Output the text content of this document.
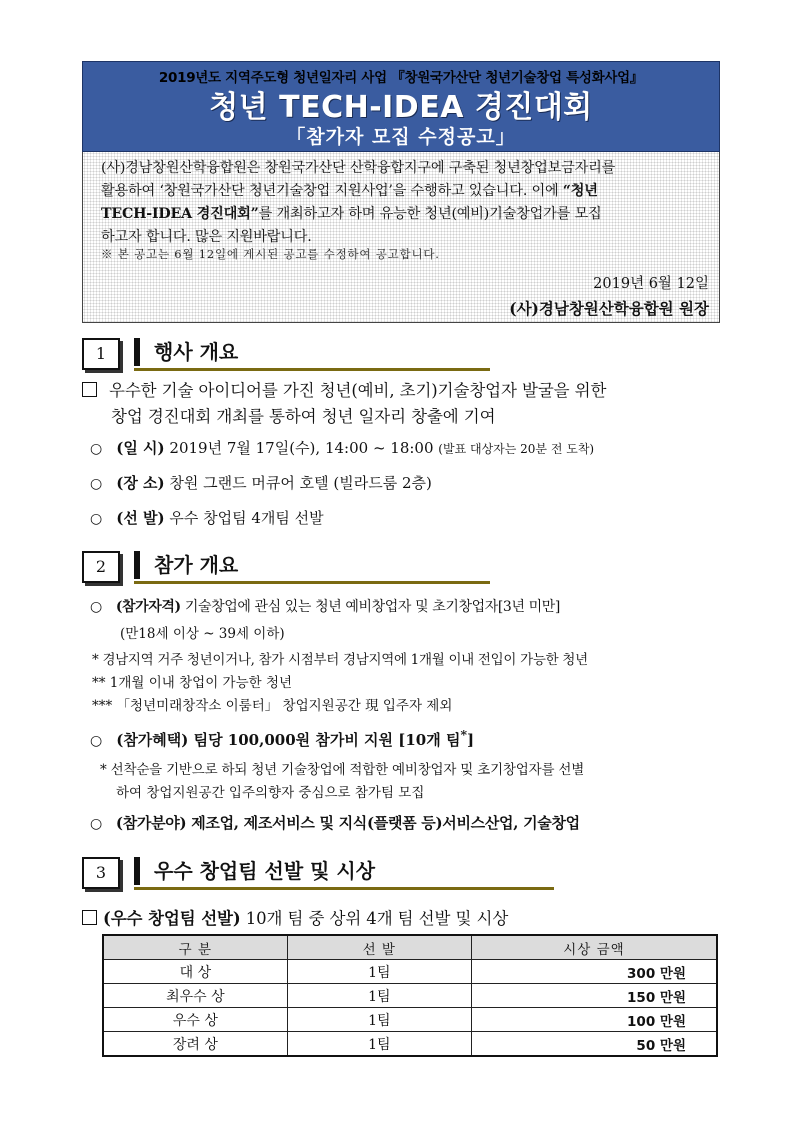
2019년도 지역주도형 청년일자리 사업 『창원국가산단 청년기술창업 특성화사업』
청년 TECH-IDEA 경진대회
「참가자 모집 수정공고」
(사)경남창원산학융합원은 창원국가산단 산학융합지구에 구축된 청년창업보금자리를
활용하여 ‘창원국가산단 청년기술창업 지원사업’을 수행하고 있습니다. 이에 “청년
TECH-IDEA 경진대회”를 개최하고자 하며 유능한 청년(예비)기술창업가를 모집
하고자 합니다. 많은 지원바랍니다.
※ 본 공고는 6월 12일에 게시된 공고를 수정하여 공고합니다.
2019년 6월 12일
(사)경남창원산학융합원 원장
1	행사 개요
우수한 기술 아이디어를 가진 청년(예비, 초기)기술창업자 발굴을 위한
창업 경진대회 개최를 통하여 청년 일자리 창출에 기여
○ (일 시) 2019년 7월 17일(수), 14:00 ~ 18:00 (발표 대상자는 20분 전 도착)
○ (장 소) 창원 그랜드 머큐어 호텔 (빌라드룸 2층)
○ (선 발) 우수 창업팀 4개팀 선발
2	참가 개요
○ (참가자격) 기술창업에 관심 있는 청년 예비창업자 및 초기창업자[3년 미만]
(만18세 이상 ~ 39세 이하)
* 경남지역 거주 청년이거나, 참가 시점부터 경남지역에 1개월 이내 전입이 가능한 청년
** 1개월 이내 창업이 가능한 청년
*** 「청년미래창작소 이룸터」 창업지원공간 現 입주자 제외
○ (참가혜택) 팀당 100,000원 참가비 지원 [10개 팀*]
* 선착순을 기반으로 하되 청년 기술창업에 적합한 예비창업자 및 초기창업자를 선별
하여 창업지원공간 입주의향자 중심으로 참가팀 모집
○ (참가분야) 제조업, 제조서비스 및 지식(플랫폼 등)서비스산업, 기술창업
3	우수 창업팀 선발 및 시상
(우수 창업팀 선발) 10개 팀 중 상위 4개 팀 선발 및 시상
구 분	선 발	시상 금액
대 상	1팀	300 만원
최우수 상	1팀	150 만원
우수 상	1팀	100 만원
장려 상	1팀	50 만원
